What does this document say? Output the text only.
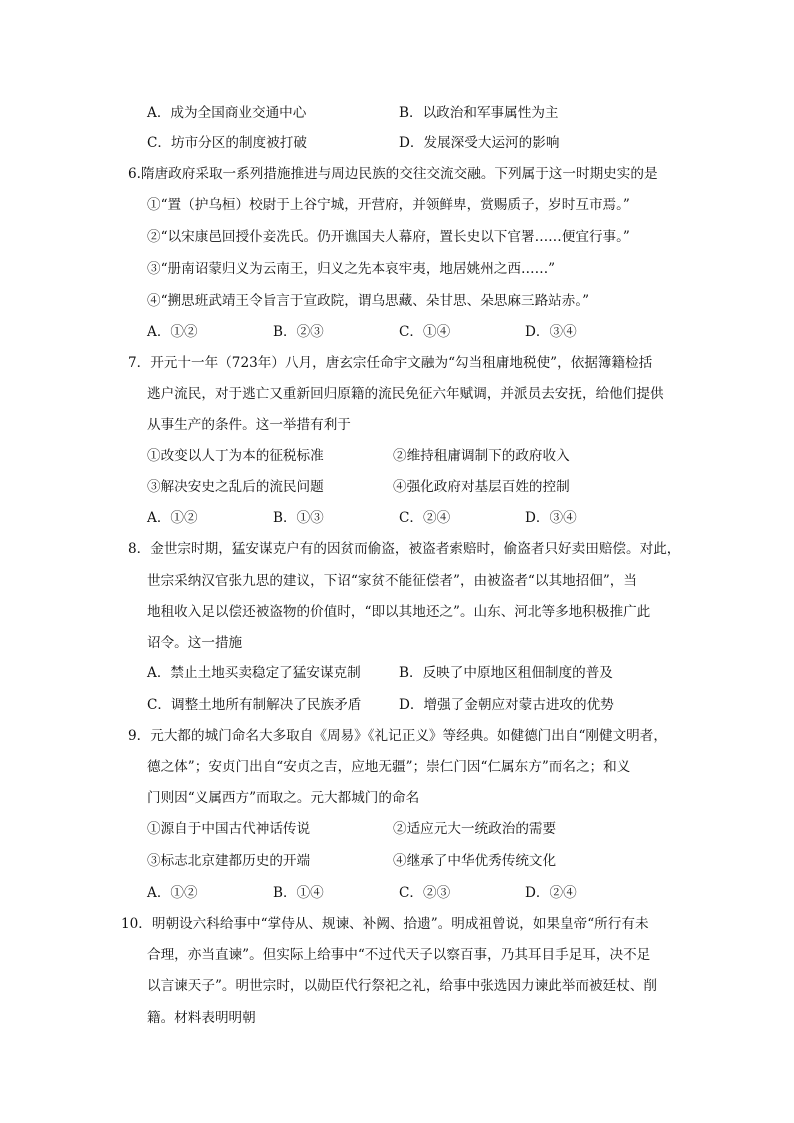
A．成为全国商业交通中心	B．以政治和军事属性为主
C．坊市分区的制度被打破	D．发展深受大运河的影响
6.隋唐政府采取一系列措施推进与周边民族的交往交流交融。下列属于这一时期史实的是
①“置（护乌桓）校尉于上谷宁城，开营府，并领鲜卑，赏赐质子，岁时互市焉。”
②“以宋康邑回授仆妾冼氏。仍开谯国夫人幕府，置长史以下官署……便宜行事。”
③“册南诏蒙归义为云南王，归义之先本哀牢夷，地居姚州之西……”
④“搠思班武靖王令旨言于宣政院，谓乌思藏、朵甘思、朵思麻三路站赤。”
A．①②	B．②③	C．①④	D．③④
7．开元十一年（723年）八月，唐玄宗任命宇文融为“勾当租庸地税使”，依据簿籍检括
逃户流民，对于逃亡又重新回归原籍的流民免征六年赋调，并派员去安抚，给他们提供
从事生产的条件。这一举措有利于
①改变以人丁为本的征税标准	②维持租庸调制下的政府收入
③解决安史之乱后的流民问题	④强化政府对基层百姓的控制
A．①②	B．①③	C．②④	D．③④
8．金世宗时期，猛安谋克户有的因贫而偷盗，被盗者索赔时，偷盗者只好卖田赔偿。对此，
世宗采纳汉官张九思的建议，下诏“家贫不能征偿者”，由被盗者“以其地招佃”，当
地租收入足以偿还被盗物的价值时，“即以其地还之”。山东、河北等多地积极推广此
诏令。这一措施
A．禁止土地买卖稳定了猛安谋克制	B．反映了中原地区租佃制度的普及
C．调整土地所有制解决了民族矛盾	D．增强了金朝应对蒙古进攻的优势
9．元大都的城门命名大多取自《周易》《礼记正义》等经典。如健德门出自“刚健文明者，
德之体”；安贞门出自“安贞之吉，应地无疆”；崇仁门因“仁属东方”而名之；和义
门则因“义属西方”而取之。元大都城门的命名
①源自于中国古代神话传说	②适应元大一统政治的需要
③标志北京建都历史的开端	④继承了中华优秀传统文化
A．①②	B．①④	C．②③	D．②④
10．明朝设六科给事中“掌侍从、规谏、补阙、拾遗”。明成祖曾说，如果皇帝“所行有未
合理，亦当直谏”。但实际上给事中“不过代天子以察百事，乃其耳目手足耳，决不足
以言谏天子”。明世宗时，以勋臣代行祭祀之礼，给事中张选因力谏此举而被廷杖、削
籍。材料表明明朝
